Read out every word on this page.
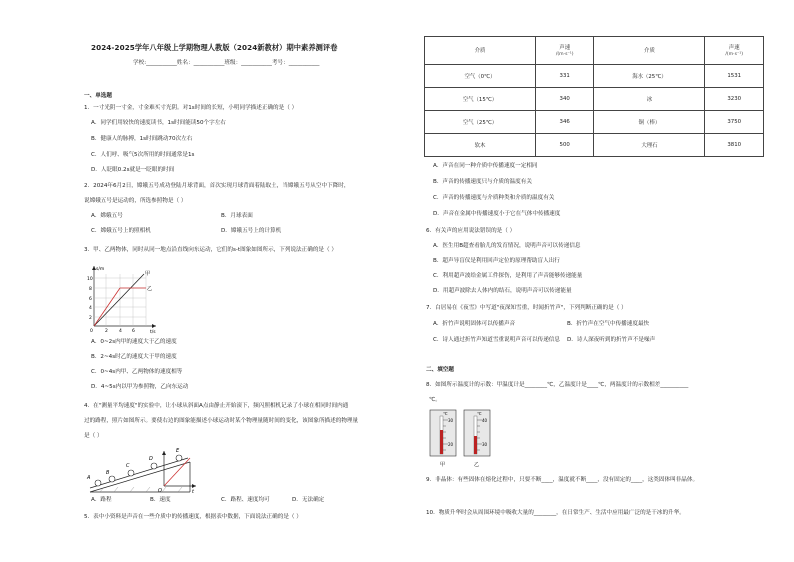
2024-2025学年八年级上学期物理人教版（2024新教材）期中素养测评卷
学校:___________姓名：___________班级：___________考号：___________
一、单选题
1．一寸光阴一寸金，寸金难买寸光阴。对1s时间的长短，小明同学描述正确的是（ ）
A．同学们用较快的速度读书，1s时间能读50个字左右
B．健康人的脉搏，1s时间跳动70次左右
C．人们呼、吸气5次所用的时间通常是1s
D．人眨眼0.2s就是一眨眼的时间
2．2024年6月2日，嫦娥五号成功登陆月球背面，首次实现月球背面着陆取土，当嫦娥五号从空中下降时，
说嫦娥五号是运动的，所选参照物是（ ）
A．嫦娥五号	B．月球表面
C．嫦娥五号上的照相机	D．嫦娥五号上的计算机
3．甲、乙两物体，同时从同一地点沿直线向东运动，它们的s-t图象如图所示，下列说法正确的是（ ）
s/m
t/s
10
8
6
4
2
0	2 4 6
甲
乙
A．0~2s内甲的速度大于乙的速度
B．2~4s时乙的速度大于甲的速度
C．0~4s内甲、乙两物体的速度相等
D．4~5s内以甲为参照物，乙向东运动
4．在"测量平均速度"的实验中，让小球从斜面A点由静止开始滚下，频闪照相机记录了小球在相同时间内通
过的路程，照片如图所示。要使右边的图象能描述小球运动时某个物理量随时间的变化，该图象所描述的物理量
是（ ）
A
B
C
D
E
O	t
A．路程	B．速度	C．路程、速度均可	D．无法确定
5．表中小资料是声音在一些介质中的传播速度，根据表中数据，下面说法正确的是（ ）
介质	声速
/(m·s⁻¹)	介质	声速
/(m·s⁻¹)

空气（0℃）	331	海水（25℃）	1531
空气（15℃）	340	冰	3230
空气（25℃）	346	铜（棒）	3750
软木	500	大理石	3810
A．声音在同一种介质中传播速度一定相同
B．声音的传播速度只与介质的温度有关
C．声音的传播速度与介质种类和介质的温度有关
D．声音在金属中传播速度小于它在气体中传播速度
6．有关声的应用说法错误的是（ ）
A．医生用B超查看胎儿的发育情况，说明声音可以传递信息
B．超声导盲仪是利用回声定位的原理帮助盲人出行
C．利用超声波给金属工件探伤，是利用了声音能够传递能量
D．用超声波除去人体内的结石，说明声音可以传递能量
7．白居易在《夜雪》中写道"夜深知雪重，时闻折竹声"，下列判断正确的是（ ）
A．折竹声说明固体可以传播声音	B．折竹声在空气中传播速度最快
C．诗人通过折竹声知道雪重说明声音可以传递信息 D．诗人深夜听到的折竹声不是噪声
二、填空题
8．如图所示温度计的示数：甲温度计是________℃，乙温度计是____℃，两温度计的示数相差__________
℃。
℃
30
20
甲
℃
40
30
乙
9．非晶体：有些固体在熔化过程中，只要不断____，温度就不断____，没有固定的____，这类固体叫非晶体。
10．物质升华时会从周围环境中吸收大量的________，在日常生产、生活中应用最广泛的是干冰的升华。
